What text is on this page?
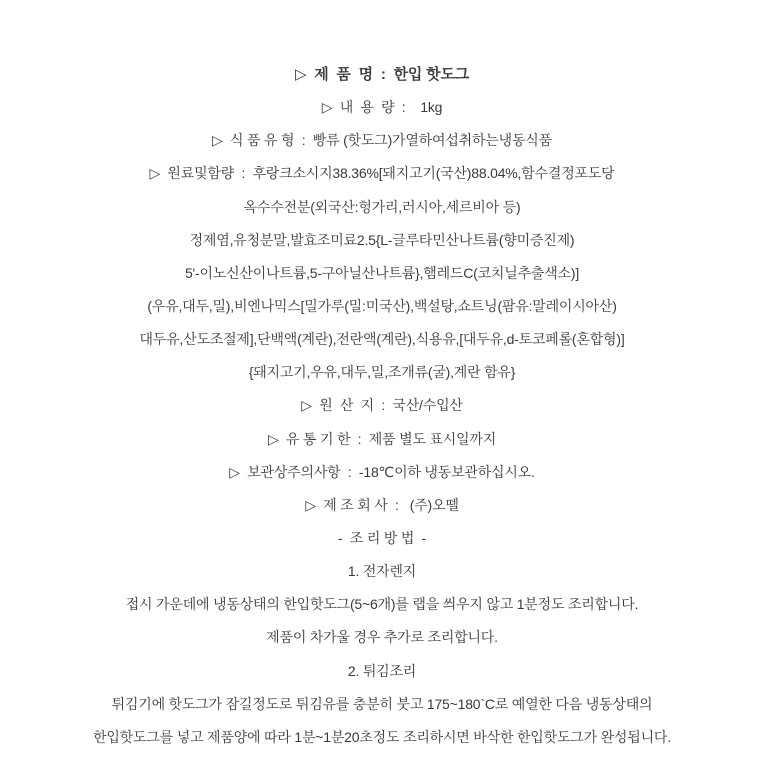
▷  제  품  명  :  한입 핫도그
▷  내  용  량  :    1kg
▷  식 품 유 형  :  빵류 (핫도그)가열하여섭취하는냉동식품
▷  원료및함량  :  후랑크소시지38.36%[돼지고기(국산)88.04%,함수결정포도당
옥수수전분(외국산:헝가리,러시아,세르비아 등)
정제염,유청분말,발효조미료2.5{L-글루타민산나트륨(향미증진제)
5'-이노신산이나트륨,5-구아닐산나트륨},햄레드C(코치닐추출색소)]
(우유,대두,밀),비엔나믹스[밀가루(밀:미국산),백설탕,쇼트닝(팜유:말레이시아산)
대두유,산도조절제],단백액(계란),전란액(계란),식용유,[대두유,d-토코페롤(혼합형)]
{돼지고기,우유,대두,밀,조개류(굴),계란 함유}
▷  원  산  지  :  국산/수입산
▷  유 통 기 한  :  제품 별도 표시일까지
▷  보관상주의사항  :  -18℃이하 냉동보관하십시오.
▷  제 조 회 사  :   (주)오뗄
-  조 리 방 법  -
1. 전자렌지
접시 가운데에 냉동상태의 한입핫도그(5~6개)를 랩을 씌우지 않고 1분정도 조리합니다.
제품이 차가울 경우 추가로 조리합니다.
2. 튀김조리
튀김기에 핫도그가 잠길정도로 튀김유를 충분히 붓고 175~180`C로 예열한 다음 냉동상태의
한입핫도그를 넣고 제품양에 따라 1분~1분20초정도 조리하시면 바삭한 한입핫도그가 완성됩니다.
